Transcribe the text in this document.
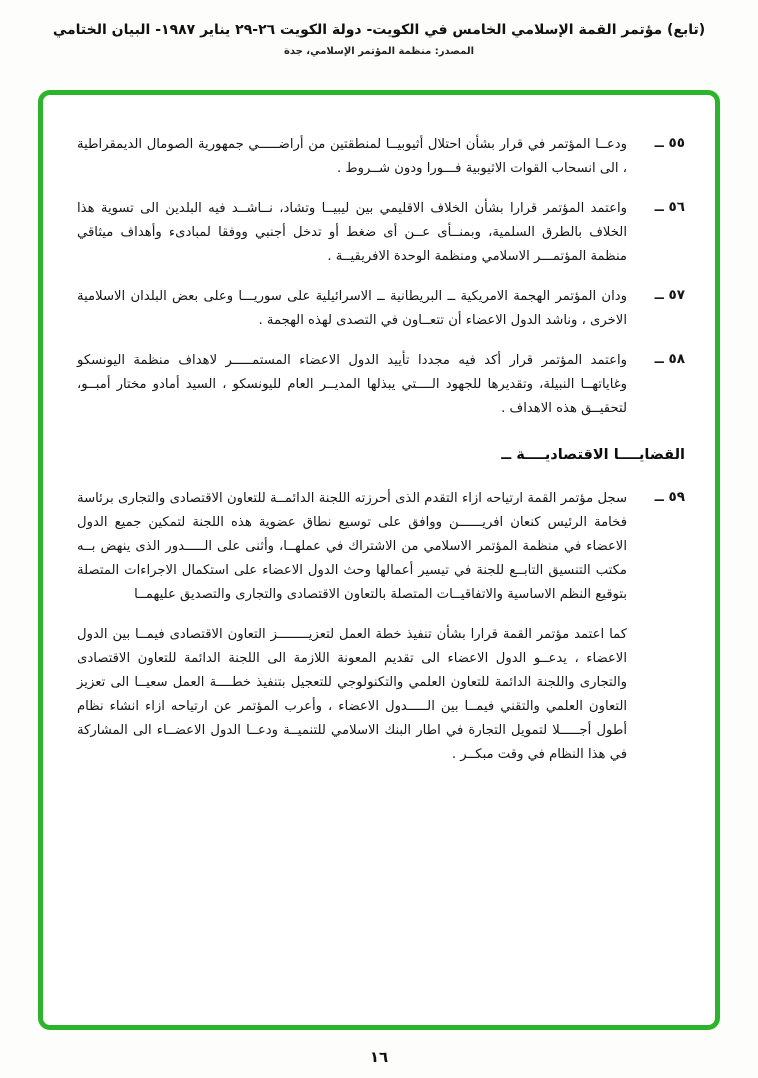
(تابع) مؤتمر القمة الإسلامي الخامس في الكويت- دولة الكويت ٢٦-٢٩ يناير ١٩٨٧- البيان الختامي
المصدر: منظمة المؤتمر الإسلامي، جدة
٥٥ ــ

ودعــا المؤتمر في قرار بشأن احتلال أثيوبيــا لمنطقتين من أراضـــــي جمهورية الصومال الديمقراطية ، الى انسحاب القوات الاثيوبية فـــورا ودون شــروط .

٥٦ ــ

واعتمد المؤتمر قرارا بشأن الخلاف الاقليمي بين ليبيــا وتشاد، نــاشــد فيه البلدين الى تسوية هذا الخلاف بالطرق السلمية، وبمنــأى عــن أى ضغط أو تدخل أجنبي ووفقا لمبادىء وأهداف ميثاقي منظمة المؤتمـــر الاسلامي ومنظمة الوحدة الافريقيــة .

٥٧ ــ

ودان المؤتمر الهجمة الامريكية ــ البريطانية ــ الاسرائيلية على سوريـــا وعلى بعض البلدان الاسلامية الاخرى ، وناشد الدول الاعضاء أن تتعــاون في التصدى لهذه الهجمة .

٥٨ ــ

واعتمد المؤتمر قرار أكد فيه مجددا تأييد الدول الاعضاء المستمـــــر لاهداف منظمة اليونسكو وغاياتهــا النبيلة، وتقديرها للجهود الــــتي يبذلها المديــر العام لليونسكو ، السيد أمادو مختار أمبــو، لتحقيــق هذه الاهداف .

القضايــــا الاقتصاديــــة ــ
٥٩ ــ

سجل مؤتمر القمة ارتياحه ازاء التقدم الذى أحرزته اللجنة الدائمــة للتعاون الاقتصادى والتجارى برئاسة فخامة الرئيس كنعان افريــــــن ووافق على توسيع نطاق عضوية هذه اللجنة لتمكين جميع الدول الاعضاء في منظمة المؤتمر الاسلامي من الاشتراك في عملهــا، وأثنى على الـــــدور الذى ينهض بــه مكتب التنسيق التابــع للجنة في تيسير أعمالها وحث الدول الاعضاء على استكمال الاجراءات المتصلة بتوقيع النظم الاساسية والاتفاقيــات المتصلة بالتعاون الاقتصادى والتجارى والتصديق عليهمــا

كما اعتمد مؤتمر القمة قرارا بشأن تنفيذ خطة العمل لتعزيــــــــز التعاون الاقتصادى فيمــا بين الدول الاعضاء ، يدعــو الدول الاعضاء الى تقديم المعونة اللازمة الى اللجنة الدائمة للتعاون الاقتصادى والتجارى واللجنة الدائمة للتعاون العلمي والتكنولوجي للتعجيل بتنفيذ خطــــة العمل سعيــا الى تعزيز التعاون العلمي والتقني فيمــا بين الـــــدول الاعضاء ، وأعرب المؤتمر عن ارتياحه ازاء انشاء نظام أطول أجـــــلا لتمويل التجارة في اطار البنك الاسلامي للتنميــة ودعــا الدول الاعضــاء الى المشاركة في هذا النظام في وقت مبكــر .

١٦
